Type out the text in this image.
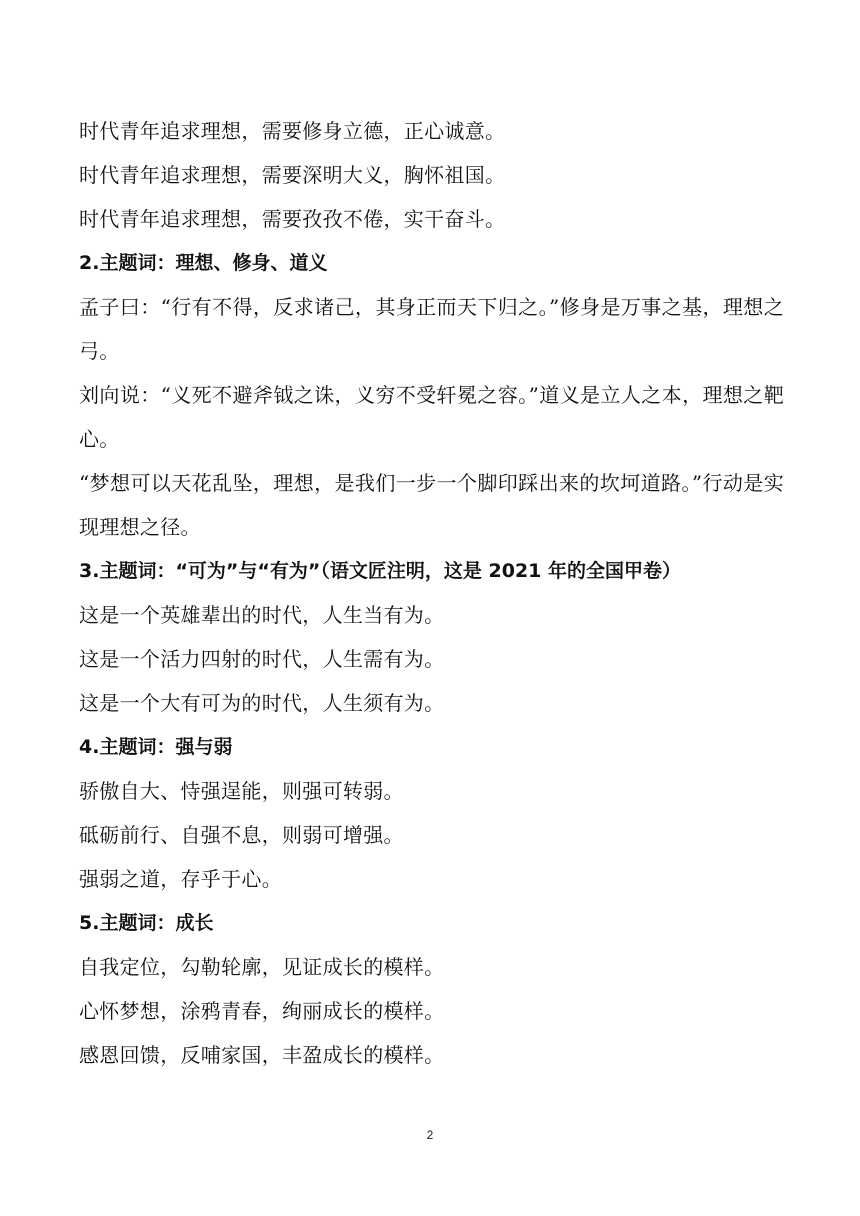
时代青年追求理想，需要修身立德，正心诚意。
时代青年追求理想，需要深明大义，胸怀祖国。
时代青年追求理想，需要孜孜不倦，实干奋斗。
2.主题词：理想、修身、道义
孟子曰：“行有不得，反求诸己，其身正而天下归之。”修身是万事之基，理想之弓。
刘向说：“义死不避斧钺之诛，义穷不受轩冕之容。”道义是立人之本，理想之靶心。
“梦想可以天花乱坠，理想，是我们一步一个脚印踩出来的坎坷道路。”行动是实现理想之径。
3.主题词：“可为”与“有为”（语文匠注明，这是 2021 年的全国甲卷）
这是一个英雄辈出的时代，人生当有为。
这是一个活力四射的时代，人生需有为。
这是一个大有可为的时代，人生须有为。
4.主题词：强与弱
骄傲自大、恃强逞能，则强可转弱。
砥砺前行、自强不息，则弱可增强。
强弱之道，存乎于心。
5.主题词：成长
自我定位，勾勒轮廓，见证成长的模样。
心怀梦想，涂鸦青春，绚丽成长的模样。
感恩回馈，反哺家国，丰盈成长的模样。
2
